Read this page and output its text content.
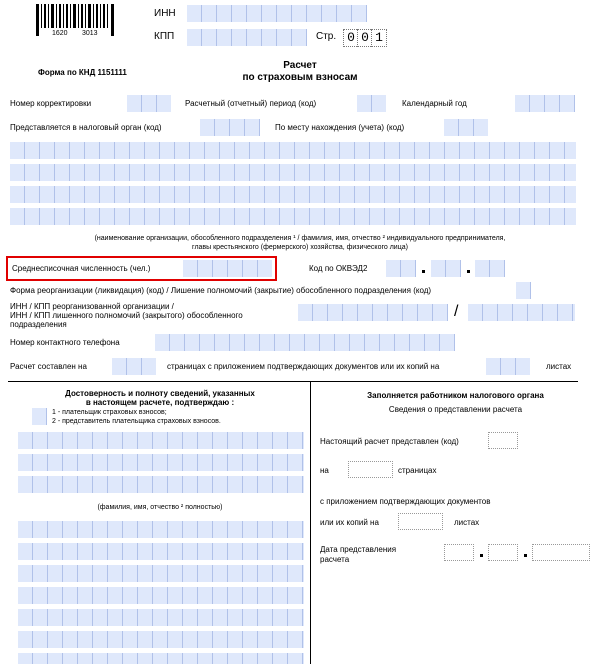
1620 3013
ИНН
КПП	Стр. 0 0 1
Форма по КНД 1151111
Расчет
по страховым взносам
Номер корректировки	Расчетный (отчетный) период (код)	Календарный год
Представляется в налоговый орган (код)	По месту нахождения (учета) (код)
(наименование организации, обособленного подразделения ¹ / фамилия, имя, отчество ² индивидуального предпринимателя,
главы крестьянского (фермерского) хозяйства, физического лица)
Среднесписочная численность (чел.)	Код по ОКВЭД2
Форма реорганизации (ликвидация) (код) / Лишение полномочий (закрытие) обособленного подразделения (код)
ИНН / КПП реорганизованной организации /
ИНН / КПП лишенного полномочий (закрытого) обособленного
подразделения
/
Номер контактного телефона
Расчет составлен на	страницах с приложением подтверждающих документов или их копий на	листах
Достоверность и полноту сведений, указанных
в настоящем расчете, подтверждаю :
1 - плательщик страховых взносов;
2 - представитель плательщика страховых взносов.
(фамилия, имя, отчество ² полностью)
Заполняется работником налогового органа
Сведения о представлении расчета
Настоящий расчет представлен (код)
на	страницах
с приложением подтверждающих документов
или их копий на	листах
Дата представления
расчета
